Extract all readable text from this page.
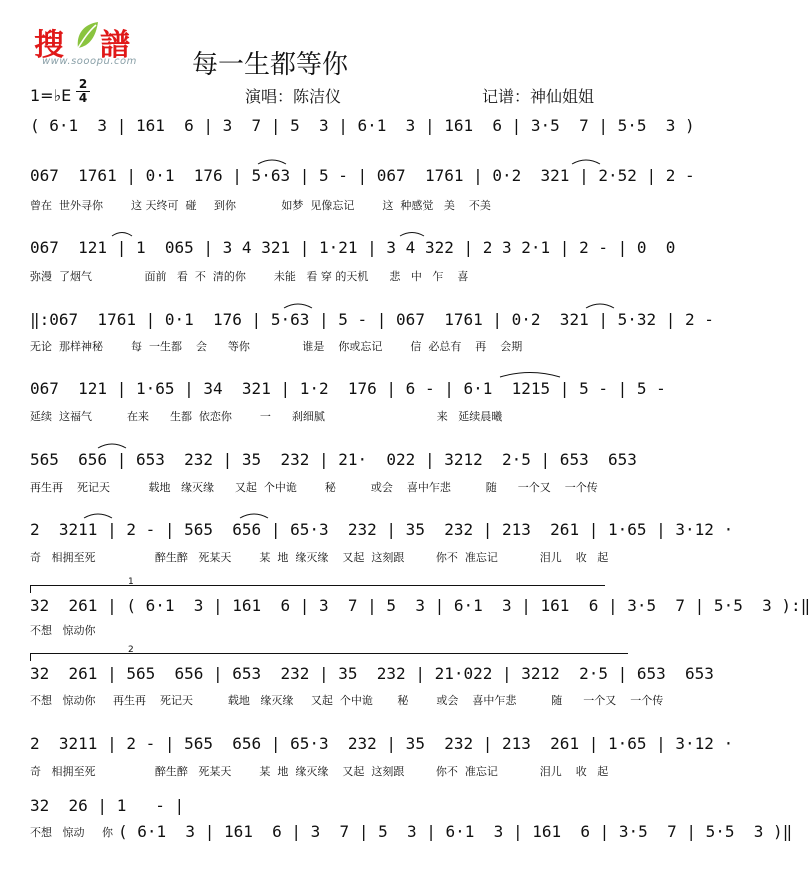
搜 譜
www.sooopu.com 每一生都等你
1=♭E
2
4	演唱：陈洁仪	记谱：神仙姐姐
( 6·1  3 | 161  6 | 3  7 | 5  3 | 6·1  3 | 161  6 | 3·5  7 | 5·5  3 )
067  1761 | 0·1  176 | 5·63 | 5 - | 067  1761 | 0·2  321 | 2·52 | 2 -
曾在  世外寻你        这 天终可  碰     到你             如梦  见像忘记        这  种感觉   美    不美
067  121 | 1  065 | 3 4 321 | 1·21 | 3 4 322 | 2 3 2·1 | 2 - | 0  0
弥漫  了烟气               面前   看  不  清的你        未能   看 穿 的天机      悲   中   乍    喜
‖:067  1761 | 0·1  176 | 5·63 | 5 - | 067  1761 | 0·2  321 | 5·32 | 2 -
无论  那样神秘        每  一生都    会      等你               谁是    你或忘记        信  必总有    再    会期
067  121 | 1·65 | 34  321 | 1·2  176 | 6 - | 6·1  1215 | 5 - | 5 -
延续  这福气          在来      生都  依恋你        一      刹细腻                                来   延续晨曦
565  656 | 653  232 | 35  232 | 21·  022 | 3212  2·5 | 653  653
再生再    死记天           载地   缘灭缘      又起  个中诡        秘          或会    喜中乍悲          随      一个又    一个传
2  3211 | 2 - | 565  656 | 65·3  232 | 35  232 | 213  261 | 1·65 | 3·12 ·
奇   相拥至死                 醉生醉   死某天        某  地  缘灭缘    又起  这刻跟         你不  准忘记            泪儿    收   起
1
32  261 | ( 6·1  3 | 161  6 | 3  7 | 5  3 | 6·1  3 | 161  6 | 3·5  7 | 5·5  3 ):‖
不想   惊动你
2
32  261 | 565  656 | 653  232 | 35  232 | 21·022 | 3212  2·5 | 653  653
不想   惊动你     再生再    死记天          载地   缘灭缘     又起  个中诡       秘        或会    喜中乍悲          随      一个又    一个传
2  3211 | 2 - | 565  656 | 65·3  232 | 35  232 | 213  261 | 1·65 | 3·12 ·
奇   相拥至死                 醉生醉   死某天        某  地  缘灭缘    又起  这刻跟         你不  准忘记            泪儿    收   起
32  26 | 1   - |
不想   惊动     你 ( 6·1  3 | 161  6 | 3  7 | 5  3 | 6·1  3 | 161  6 | 3·5  7 | 5·5  3 )‖
